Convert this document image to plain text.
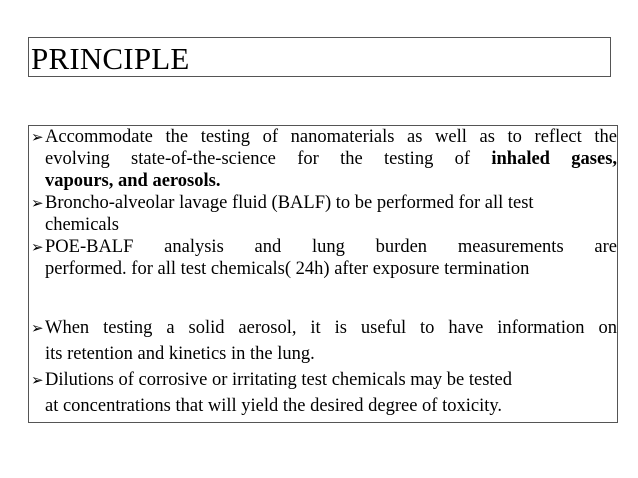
PRINCIPLE
➢Accommodate the testing of nanomaterials as well as to reflect the
evolving state-of-the-science for the testing of inhaled gases,
vapours, and aerosols.
➢Broncho-alveolar lavage fluid (BALF) to be performed for all test
chemicals
➢POE-BALF analysis and lung burden measurements are
performed. for all test chemicals( 24h) after exposure termination
➢When testing a solid aerosol, it is useful to have information on
its retention and kinetics in the lung.
➢Dilutions of corrosive or irritating test chemicals may be tested
at concentrations that will yield the desired degree of toxicity.
